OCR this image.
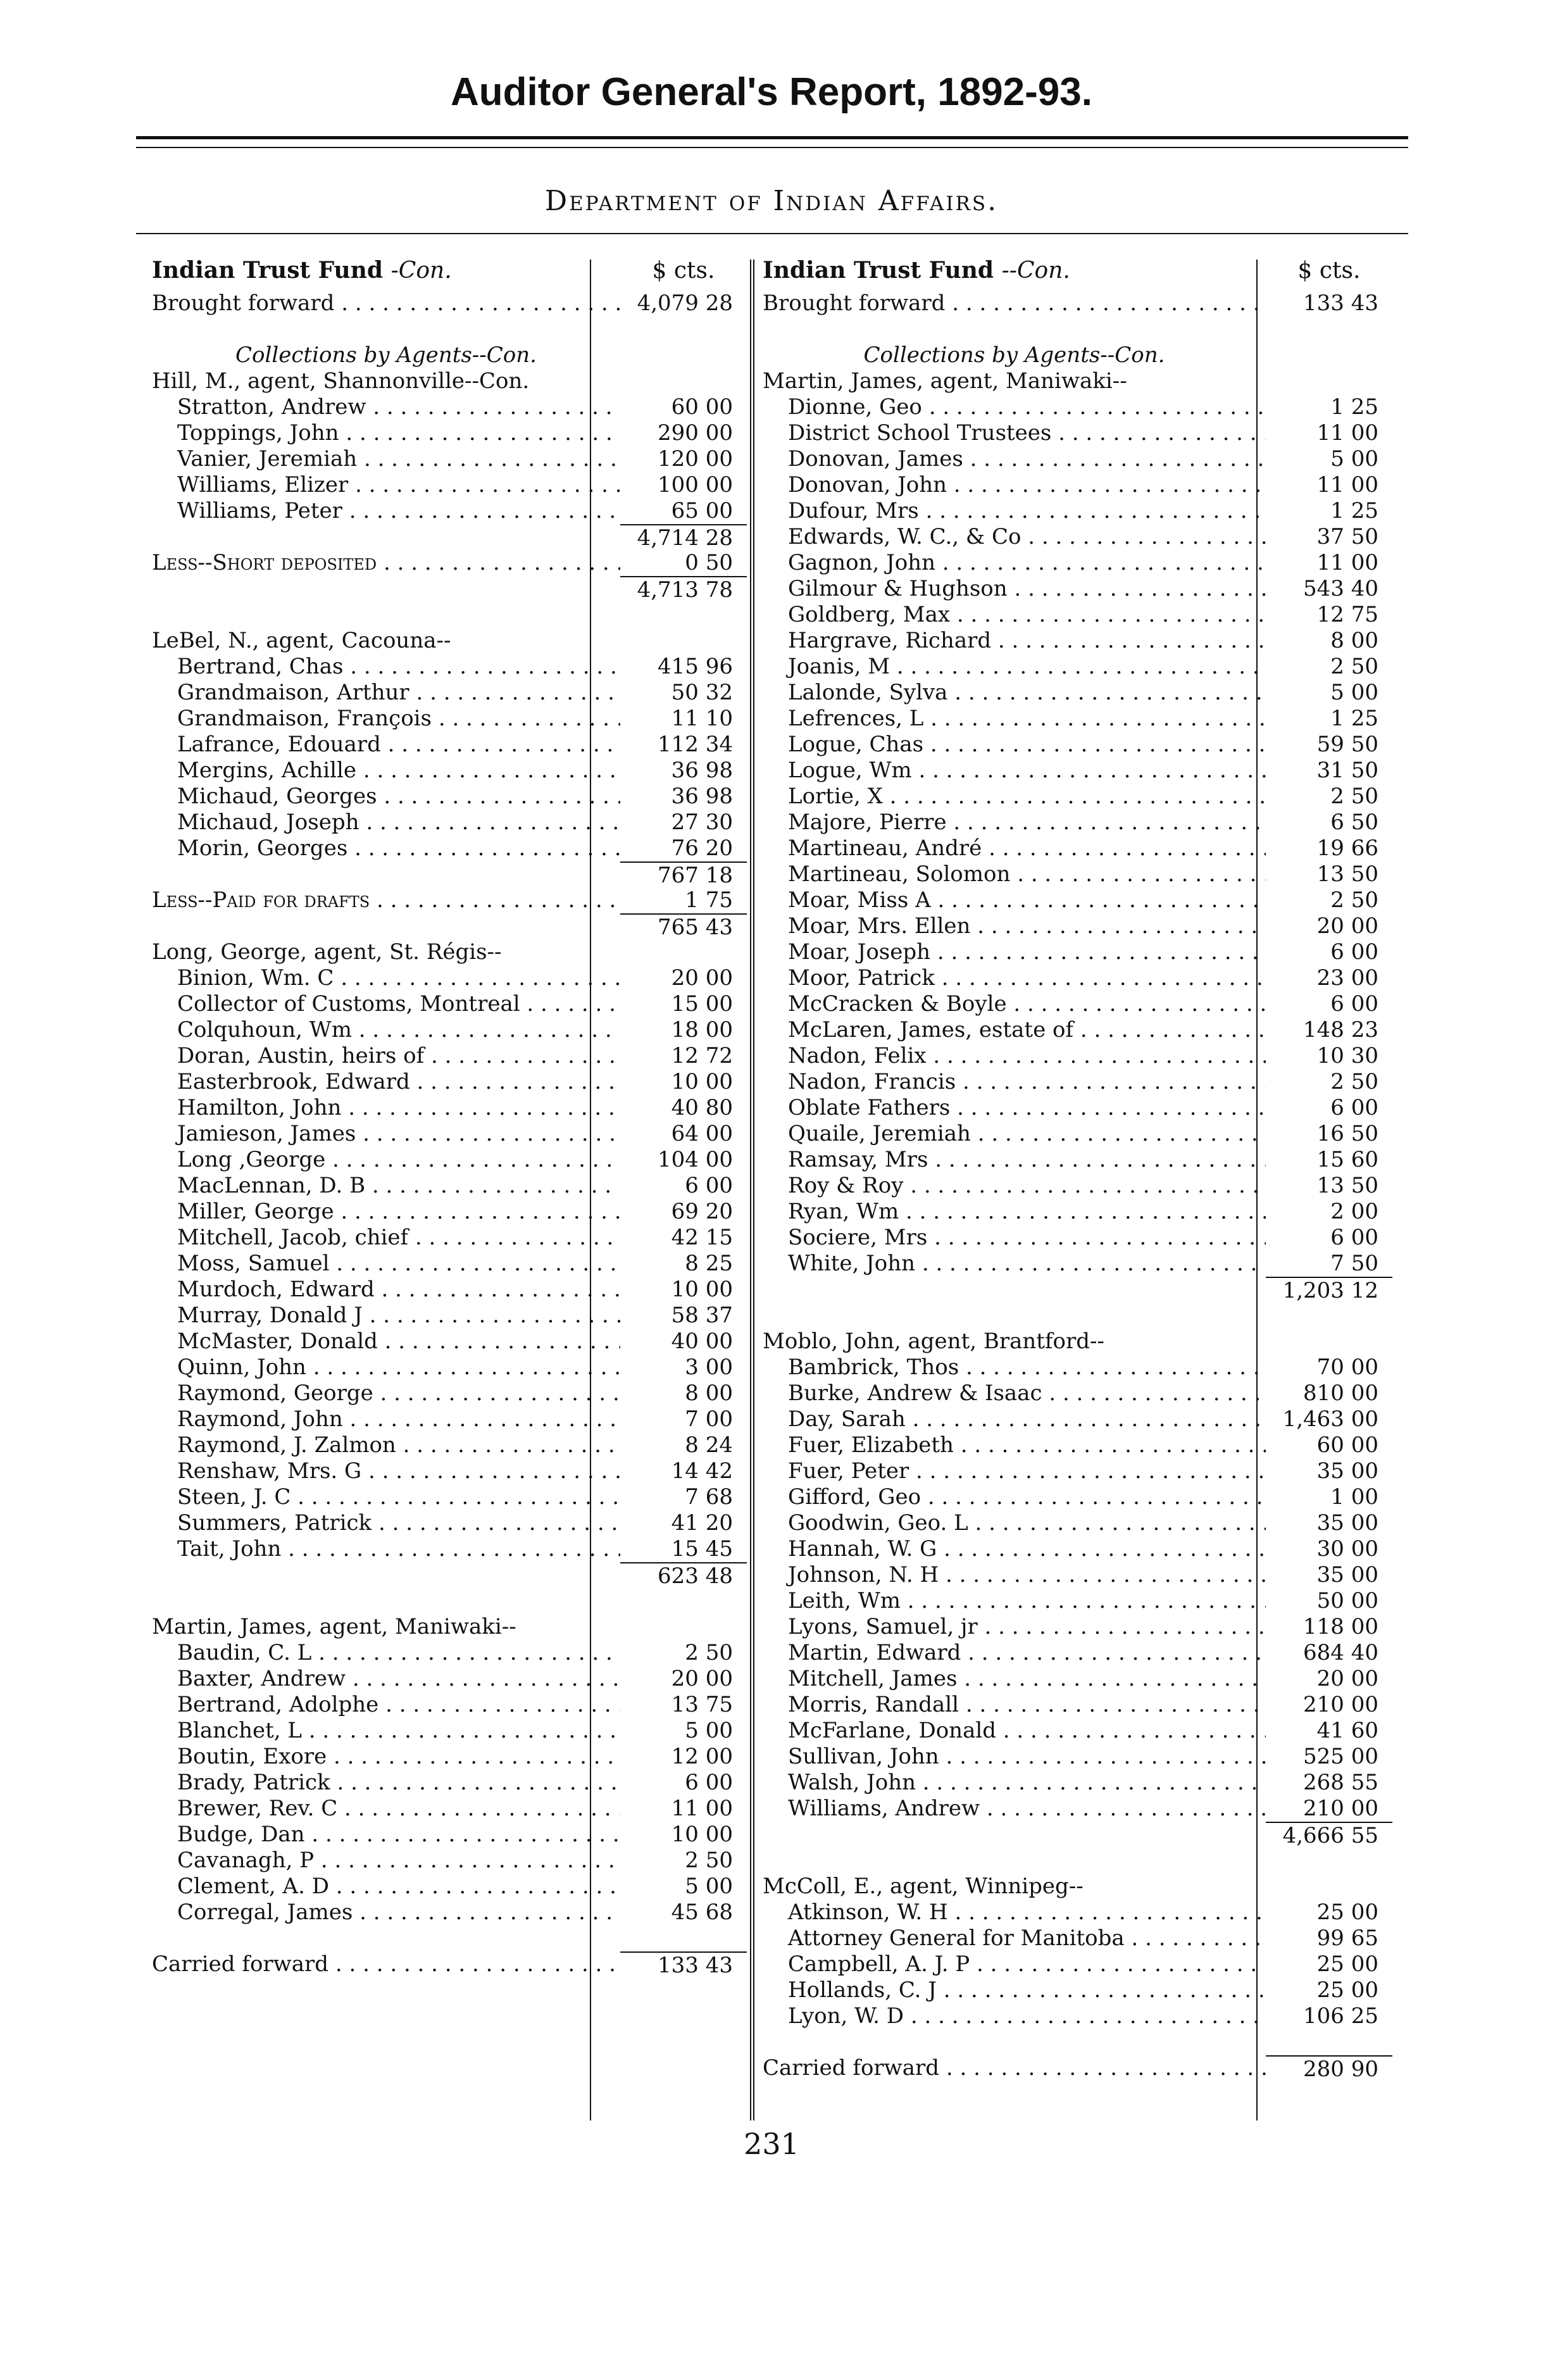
Auditor General's Report, 1892-93.
Department of Indian Affairs.
Indian Trust Fund -Con.	$ cts.
Brought forward . . .	4,079 28
Collections by Agents--Con.
Hill, M., agent, Shannonville--Con.
Stratton, Andrew . . .	60 00
Toppings, John . . .	290 00
Vanier, Jeremiah . . .	120 00
Williams, Elizer . . .	100 00
Williams, Peter . . .	65 00
4,714 28
Less--Short deposited . . .	0 50
4,713 78
LeBel, N., agent, Cacouna--
Bertrand, Chas . . .	415 96
Grandmaison, Arthur . . .	50 32
Grandmaison, François . . .	11 10
Lafrance, Edouard . . .	112 34
Mergins, Achille . . .	36 98
Michaud, Georges . . .	36 98
Michaud, Joseph . . .	27 30
Morin, Georges . . .	76 20
767 18
Less--Paid for drafts . . .	1 75
765 43
Long, George, agent, St. Régis--
Binion, Wm. C . . .	20 00
Collector of Customs, Montreal . . .	15 00
Colquhoun, Wm . . .	18 00
Doran, Austin, heirs of . . .	12 72
Easterbrook, Edward . . .	10 00
Hamilton, John . . .	40 80
Jamieson, James . . .	64 00
Long ,George . . .	104 00
MacLennan, D. B . . .	6 00
Miller, George . . .	69 20
Mitchell, Jacob, chief . . .	42 15
Moss, Samuel . . .	8 25
Murdoch, Edward . . .	10 00
Murray, Donald J . . .	58 37
McMaster, Donald . . .	40 00
Quinn, John . . .	3 00
Raymond, George . . .	8 00
Raymond, John . . .	7 00
Raymond, J. Zalmon . . .	8 24
Renshaw, Mrs. G . . .	14 42
Steen, J. C . . .	7 68
Summers, Patrick . . .	41 20
Tait, John . . .	15 45
623 48
Martin, James, agent, Maniwaki--
Baudin, C. L . . .	2 50
Baxter, Andrew . . .	20 00
Bertrand, Adolphe . . .	13 75
Blanchet, L . . .	5 00
Boutin, Exore . . .	12 00
Brady, Patrick . . .	6 00
Brewer, Rev. C . . .	11 00
Budge, Dan . . .	10 00
Cavanagh, P . . .	2 50
Clement, A. D . . .	5 00
Corregal, James . . .	45 68
Carried forward . . .	133 43
Indian Trust Fund --Con.	$ cts.
Brought forward . . .	133 43
Collections by Agents--Con.
Martin, James, agent, Maniwaki--
Dionne, Geo . . .	1 25
District School Trustees . . .	11 00
Donovan, James . . .	5 00
Donovan, John . . .	11 00
Dufour, Mrs . . .	1 25
Edwards, W. C., & Co . . .	37 50
Gagnon, John . . .	11 00
Gilmour & Hughson . . .	543 40
Goldberg, Max . . .	12 75
Hargrave, Richard . . .	8 00
Joanis, M . . .	2 50
Lalonde, Sylva . . .	5 00
Lefrences, L . . .	1 25
Logue, Chas . . .	59 50
Logue, Wm . . .	31 50
Lortie, X . . .	2 50
Majore, Pierre . . .	6 50
Martineau, André . . .	19 66
Martineau, Solomon . . .	13 50
Moar, Miss A . . .	2 50
Moar, Mrs. Ellen . . .	20 00
Moar, Joseph . . .	6 00
Moor, Patrick . . .	23 00
McCracken & Boyle . . .	6 00
McLaren, James, estate of . . .	148 23
Nadon, Felix . . .	10 30
Nadon, Francis . . .	2 50
Oblate Fathers . . .	6 00
Quaile, Jeremiah . . .	16 50
Ramsay, Mrs . . .	15 60
Roy & Roy . . .	13 50
Ryan, Wm . . .	2 00
Sociere, Mrs . . .	6 00
White, John . . .	7 50
1,203 12
Moblo, John, agent, Brantford--
Bambrick, Thos . . .	70 00
Burke, Andrew & Isaac . . .	810 00
Day, Sarah . . .	1,463 00
Fuer, Elizabeth . . .	60 00
Fuer, Peter . . .	35 00
Gifford, Geo . . .	1 00
Goodwin, Geo. L . . .	35 00
Hannah, W. G . . .	30 00
Johnson, N. H . . .	35 00
Leith, Wm . . .	50 00
Lyons, Samuel, jr . . .	118 00
Martin, Edward . . .	684 40
Mitchell, James . . .	20 00
Morris, Randall . . .	210 00
McFarlane, Donald . . .	41 60
Sullivan, John . . .	525 00
Walsh, John . . .	268 55
Williams, Andrew . . .	210 00
4,666 55
McColl, E., agent, Winnipeg--
Atkinson, W. H . . .	25 00
Attorney General for Manitoba . . .	99 65
Campbell, A. J. P . . .	25 00
Hollands, C. J . . .	25 00
Lyon, W. D . . .	106 25
Carried forward . . .	280 90
231
